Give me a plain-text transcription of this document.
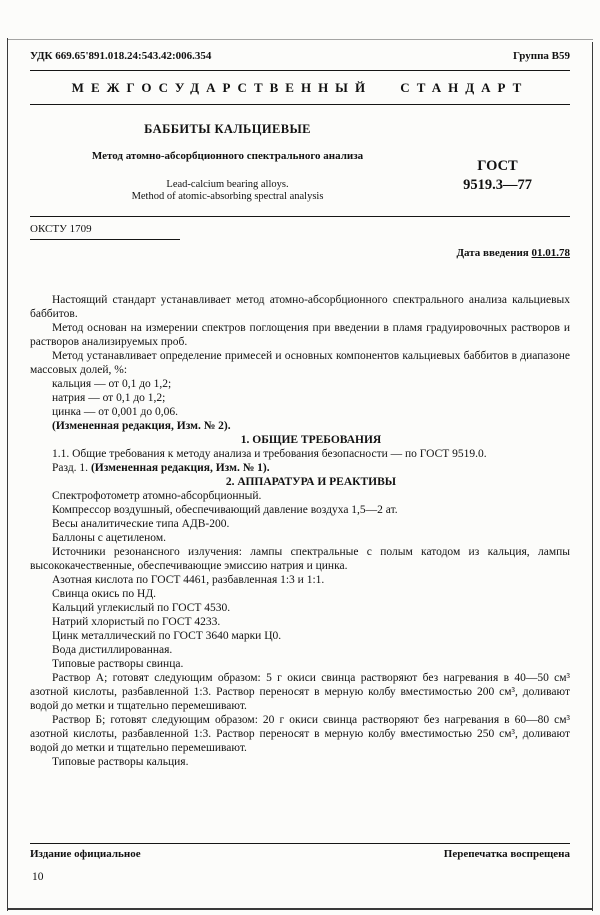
УДК 669.65'891.018.24:543.42:006.354	Группа В59
МЕЖГОСУДАРСТВЕННЫЙ СТАНДАРТ
БАББИТЫ КАЛЬЦИЕВЫЕ
Метод атомно-абсорбционного спектрального анализа
Lead-calcium bearing alloys.
Method of atomic-absorbing spectral analysis
ГОСТ
9519.3—77
ОКСТУ 1709
Дата введения 01.01.78

Настоящий стандарт устанавливает метод атомно-абсорбционного спектрального анализа кальциевых баббитов.

Метод основан на измерении спектров поглощения при введении в пламя градуировочных растворов и растворов анализируемых проб.

Метод устанавливает определение примесей и основных компонентов кальциевых баббитов в диапазоне массовых долей, %:

кальция — от 0,1 до 1,2;

натрия — от 0,1 до 1,2;

цинка — от 0,001 до 0,06.

(Измененная редакция, Изм. № 2).

1. ОБЩИЕ ТРЕБОВАНИЯ

1.1. Общие требования к методу анализа и требования безопасности — по ГОСТ 9519.0.

Разд. 1. (Измененная редакция, Изм. № 1).

2. АППАРАТУРА И РЕАКТИВЫ

Спектрофотометр атомно-абсорбционный.

Компрессор воздушный, обеспечивающий давление воздуха 1,5—2 ат.

Весы аналитические типа АДВ-200.

Баллоны с ацетиленом.

Источники резонансного излучения: лампы спектральные с полым катодом из кальция, лампы высококачественные, обеспечивающие эмиссию натрия и цинка.

Азотная кислота по ГОСТ 4461, разбавленная 1:3 и 1:1.

Свинца окись по НД.

Кальций углекислый по ГОСТ 4530.

Натрий хлористый по ГОСТ 4233.

Цинк металлический по ГОСТ 3640 марки Ц0.

Вода дистиллированная.

Типовые растворы свинца.

Раствор А; готовят следующим образом: 5 г окиси свинца растворяют без нагревания в 40—50 см³ азотной кислоты, разбавленной 1:3. Раствор переносят в мерную колбу вместимостью 200 см³, доливают водой до метки и тщательно перемешивают.

Раствор Б; готовят следующим образом: 20 г окиси свинца растворяют без нагревания в 60—80 см³ азотной кислоты, разбавленной 1:3. Раствор переносят в мерную колбу вместимостью 250 см³, доливают водой до метки и тщательно перемешивают.

Типовые растворы кальция.

Издание официальное	Перепечатка воспрещена
10
